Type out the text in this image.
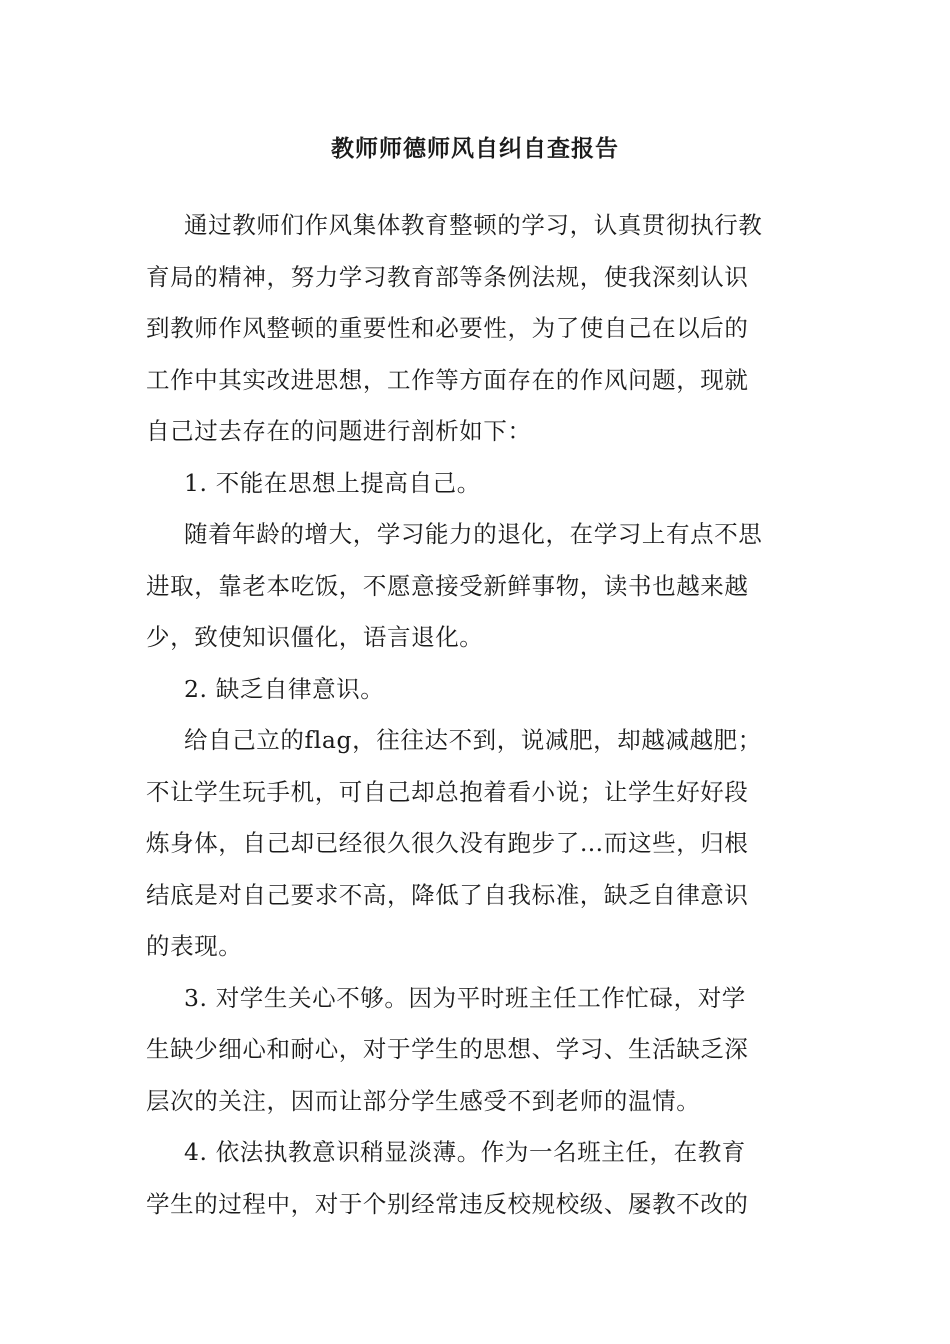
教师师德师风自纠自查报告
通过教师们作风集体教育整顿的学习，认真贯彻执行教
育局的精神，努力学习教育部等条例法规，使我深刻认识
到教师作风整顿的重要性和必要性，为了使自己在以后的
工作中其实改进思想，工作等方面存在的作风问题，现就
自己过去存在的问题进行剖析如下：
1. 不能在思想上提高自己。
随着年龄的增大，学习能力的退化，在学习上有点不思
进取，靠老本吃饭，不愿意接受新鲜事物，读书也越来越
少，致使知识僵化，语言退化。
2. 缺乏自律意识。
给自己立的flag，往往达不到，说减肥，却越减越肥；
不让学生玩手机，可自己却总抱着看小说；让学生好好段
炼身体，自己却已经很久很久没有跑步了…而这些，归根
结底是对自己要求不高，降低了自我标准，缺乏自律意识
的表现。
3. 对学生关心不够。因为平时班主任工作忙碌，对学
生缺少细心和耐心，对于学生的思想、学习、生活缺乏深
层次的关注，因而让部分学生感受不到老师的温情。
4. 依法执教意识稍显淡薄。作为一名班主任，在教育
学生的过程中，对于个别经常违反校规校级、屡教不改的
